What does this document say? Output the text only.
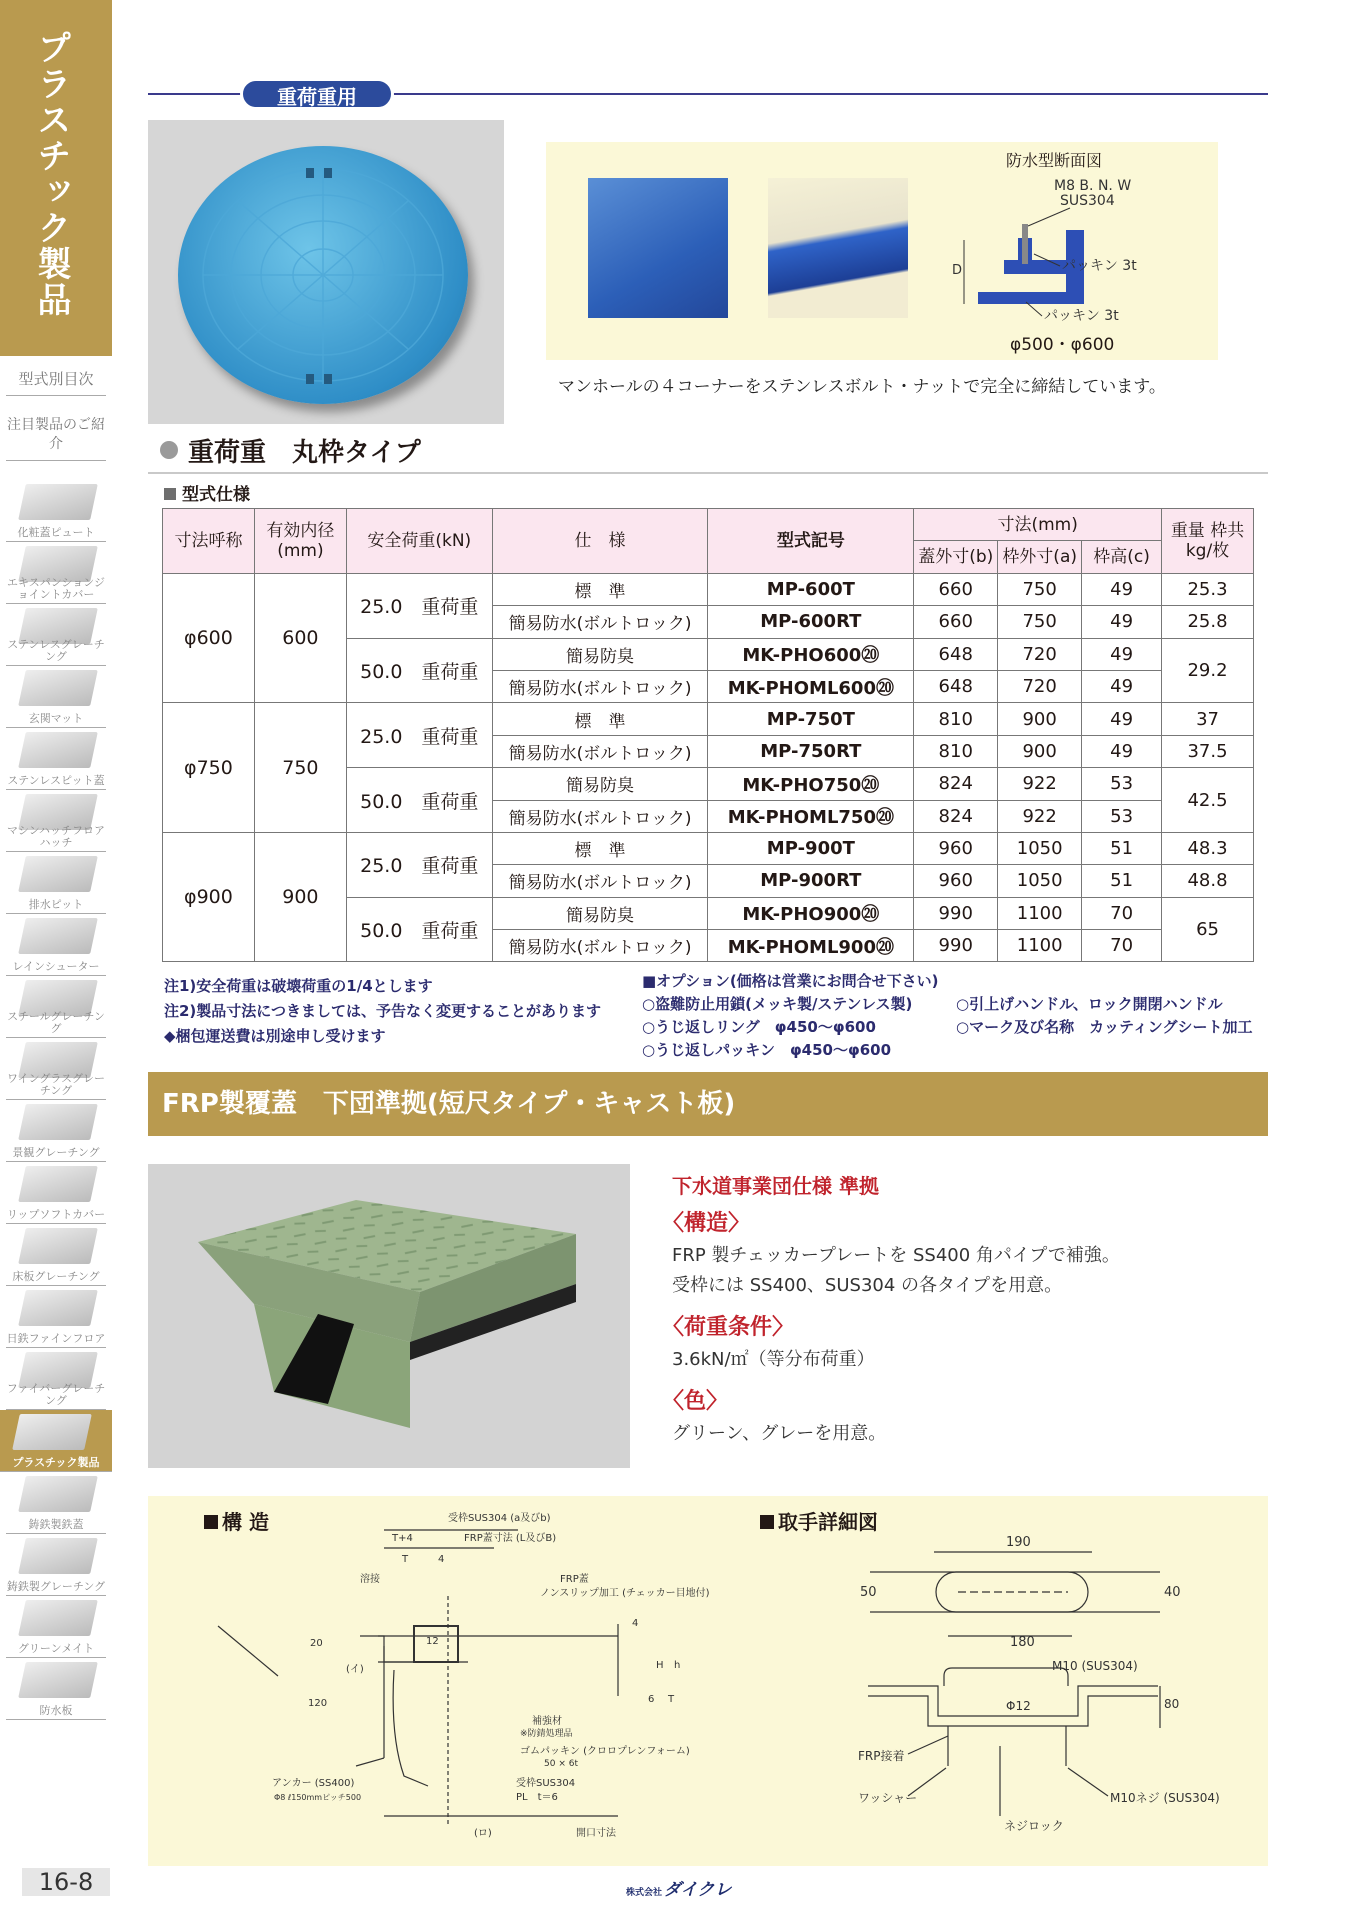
プラスチック製品
型式別目次
注目製品のご紹介
化粧蓋ピュート
エキスパンションジョイントカバー
ステンレスグレーチング
玄関マット
ステンレスピット蓋
マシンハッチフロアハッチ
排水ピット
レインシューター
スチールグレーチング
ワイングラスグレーチング
景観グレーチング
リップソフトカバー
床板グレーチング
日鉄ファインフロア
ファイバーグレーチング
プラスチック製品
鋳鉄製鉄蓋
鋳鉄製グレーチング
グリーンメイト
防水板
16-8
重荷重用
防水型断面図
M8 B. N. W
SUS304
D	パッキン 3t
パッキン 3t
φ500・φ600
マンホールの４コーナーをステンレスボルト・ナットで完全に締結しています。
重荷重　丸枠タイプ
型式仕様
寸法呼称	有効内径
(mm)	安全荷重(kN)	仕　様	型式記号	寸法(mm)			重量 枠共
kg/枚
					蓋外寸(b)	枠外寸(a)	枠高(c)	
φ600	600	25.0　重荷重	標　準	MP-600T	660	750	49	25.3
			簡易防水(ボルトロック)	MP-600RT	660	750	49	25.8
		50.0　重荷重	簡易防臭	MK-PHO600⑳	648	720	49	29.2
			簡易防水(ボルトロック)	MK-PHOML600⑳	648	720	49	
φ750	750	25.0　重荷重	標　準	MP-750T	810	900	49	37
			簡易防水(ボルトロック)	MP-750RT	810	900	49	37.5
		50.0　重荷重	簡易防臭	MK-PHO750⑳	824	922	53	42.5
			簡易防水(ボルトロック)	MK-PHOML750⑳	824	922	53	
φ900	900	25.0　重荷重	標　準	MP-900T	960	1050	51	48.3
			簡易防水(ボルトロック)	MP-900RT	960	1050	51	48.8
		50.0　重荷重	簡易防臭	MK-PHO900⑳	990	1100	70	65
			簡易防水(ボルトロック)	MK-PHOML900⑳	990	1100	70	
注1)安全荷重は破壊荷重の1/4とします
注2)製品寸法につきましては、予告なく変更することがあります
◆梱包運送費は別途申し受けます
■オプション(価格は営業にお問合せ下さい)
○盗難防止用鎖(メッキ製/ステンレス製)	○引上げハンドル、ロック開閉ハンドル
○うじ返しリング　φ450〜φ600	○マーク及び名称　カッティングシート加工
○うじ返しパッキン　φ450〜φ600
FRP製覆蓋　下団準拠(短尺タイプ・キャスト板)
下水道事業団仕様 準拠
〈構造〉
FRP 製チェッカープレートを SS400 角パイプで補強。
受枠には SS400、SUS304 の各タイプを用意。
〈荷重条件〉
3.6kN/㎡（等分布荷重）
〈色〉
グリーン、グレーを用意。
構 造	取手詳細図
受枠SUS304 (a及びb)
FRP蓋寸法 (L及びB)
T+4
T	4
溶接	FRP蓋
ノンスリップ加工 (チェッカー目地付)
4
12
20
(イ)
120
H h
6 T
補強材
※防錆処理品
ゴムパッキン (クロロプレンフォーム)
50 × 6t
アンカー (SS400)
Φ8 ℓ150mmピッチ500
受枠SUS304
PL　t＝6
(ロ)	開口寸法
190
50	40
180
M10 (SUS304)
Φ12	80
FRP接着
ワッシャー	M10ネジ (SUS304)
ネジロック
株式会社 ダイクレ
